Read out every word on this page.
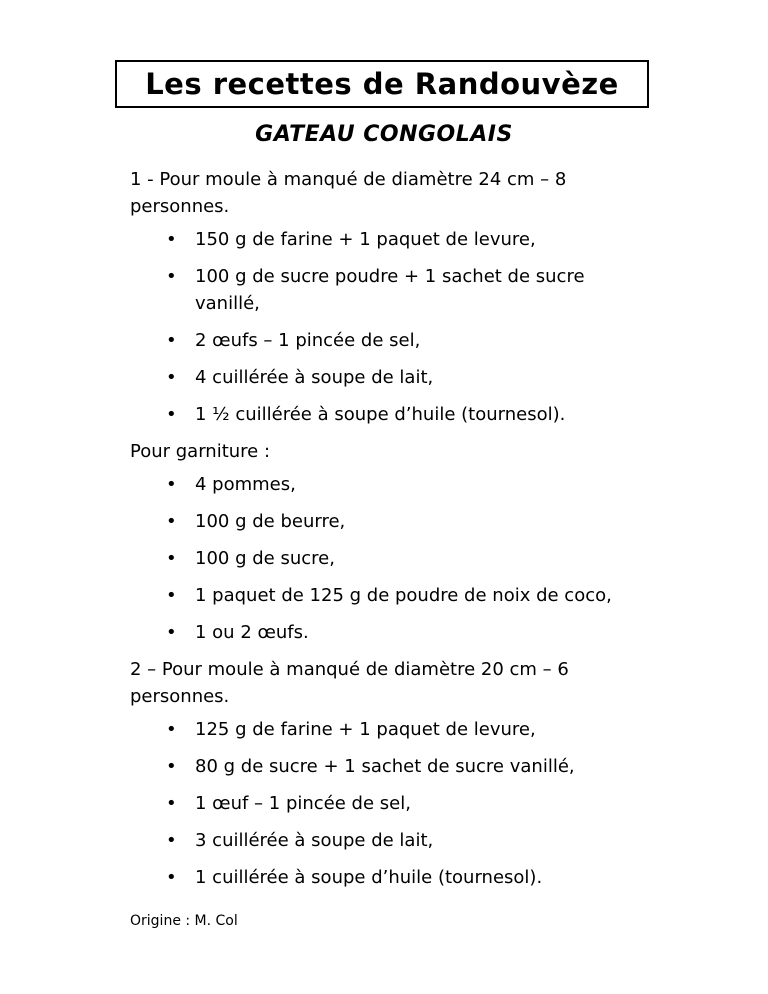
Les recettes de Randouvèze
GATEAU CONGOLAIS

1 - Pour moule à manqué de diamètre 24 cm – 8 personnes.

• 150 g de farine + 1 paquet de levure,
• 100 g de sucre poudre + 1 sachet de sucre vanillé,
• 2 œufs – 1 pincée de sel,
• 4 cuillérée à soupe de lait,
• 1 ½ cuillérée à soupe d’huile (tournesol).

Pour garniture :

• 4 pommes,
• 100 g de beurre,
• 100 g de sucre,
• 1 paquet de 125 g de poudre de noix de coco,
• 1 ou 2 œufs.

2 – Pour moule à manqué de diamètre 20 cm – 6 personnes.

• 125 g de farine + 1 paquet de levure,
• 80 g de sucre + 1 sachet de sucre vanillé,
• 1 œuf – 1 pincée de sel,
• 3 cuillérée à soupe de lait,
• 1 cuillérée à soupe d’huile (tournesol).
Origine : M. Col
